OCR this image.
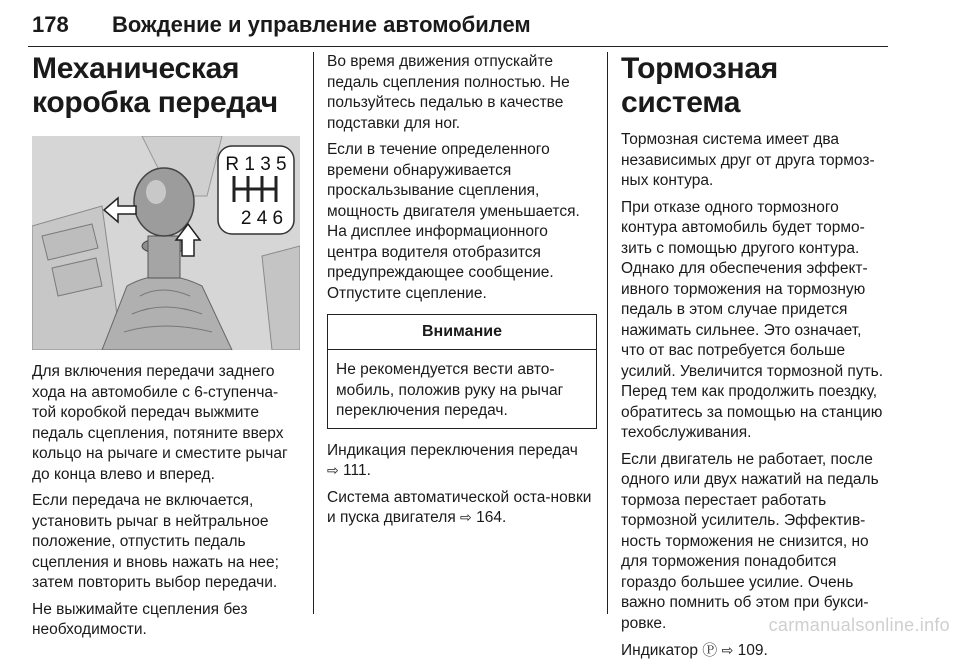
178 Вождение и управление автомобилем
Механическая
коробка передач
R 1 3 5
2 4 6

Для включения передачи заднего хода на автомобиле с 6-ступенча-той коробкой передач выжмите педаль сцепления, потяните вверх кольцо на рычаге и сместите рычаг до конца влево и вперед.

Если передача не включается, установить рычаг в нейтральное положение, отпустить педаль сцепления и вновь нажать на нее; затем повторить выбор передачи.

Не выжимайте сцепления без необходимости.

Во время движения отпускайте педаль сцепления полностью. Не пользуйтесь педалью в качестве подставки для ног.

Если в течение определенного времени обнаруживается проскальзывание сцепления, мощность двигателя уменьшается. На дисплее информационного центра водителя отобразится предупреждающее сообщение. Отпустите сцепление.

Внимание
Не рекомендуется вести авто-мобиль, положив руку на рычаг переключения передач.

Индикация переключения передач
⇨ 111.

Система автоматической оста-новки и пуска двигателя ⇨ 164.

Тормозная система

Тормозная система имеет два независимых друг от друга тормоз-ных контура.

При отказе одного тормозного контура автомобиль будет тормо-зить с помощью другого контура. Однако для обеспечения эффект-ивного торможения на тормозную педаль в этом случае придется нажимать сильнее. Это означает, что от вас потребуется больше усилий. Увеличится тормозной путь. Перед тем как продолжить поездку, обратитесь за помощью на станцию техобслуживания.

Если двигатель не работает, после одного или двух нажатий на педаль тормоза перестает работать тормозной усилитель. Эффектив-ность торможения не снизится, но для торможения понадобится гораздо большее усилие. Очень важно помнить об этом при букси-ровке.

Индикатор Ⓟ ⇨ 109.

carmanualsonline.info
